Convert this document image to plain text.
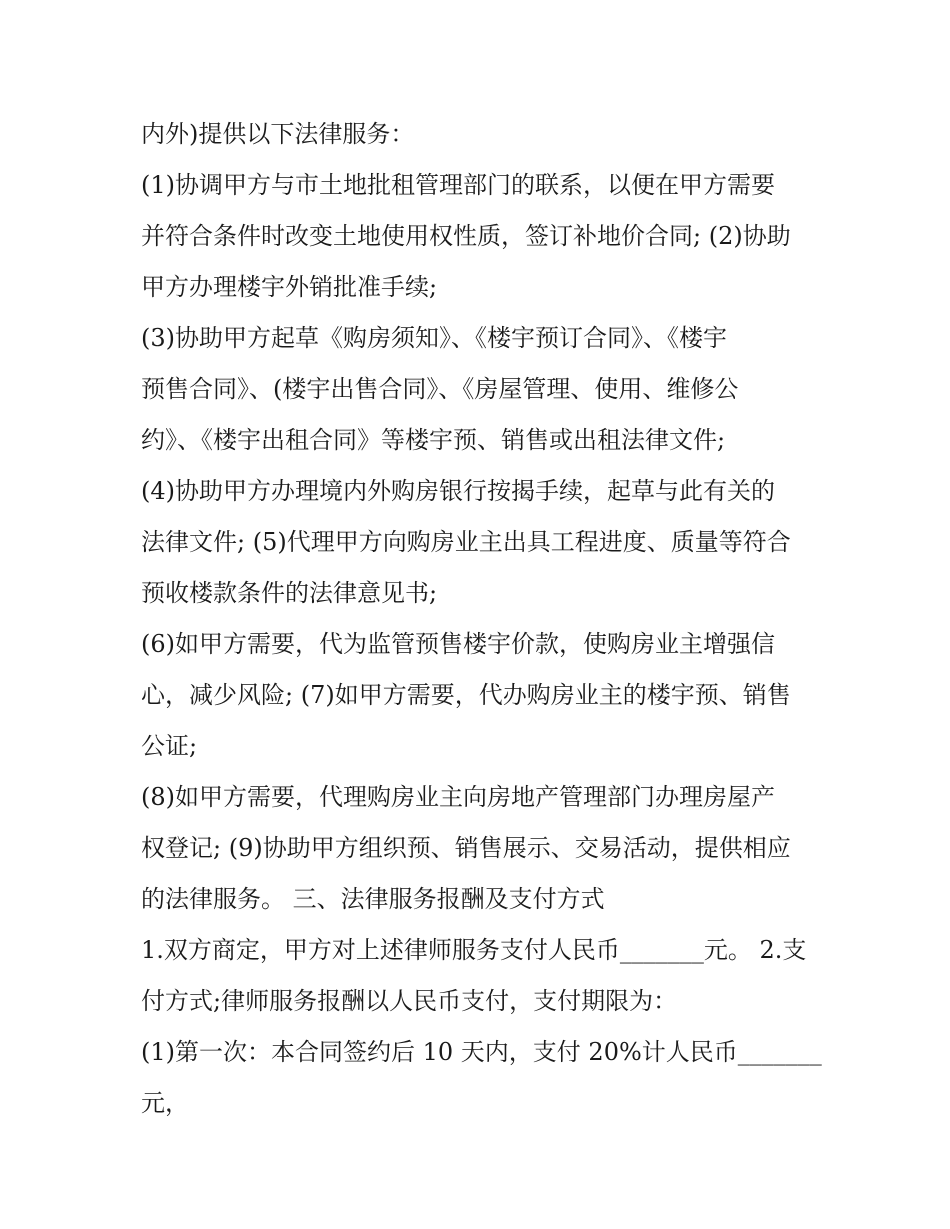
内外)提供以下法律服务：
(1)协调甲方与市土地批租管理部门的联系，以便在甲方需要
并符合条件时改变土地使用权性质，签订补地价合同; (2)协助
甲方办理楼宇外销批准手续;
(3)协助甲方起草《购房须知》、《楼宇预订合同》、《楼宇
预售合同》、(楼宇出售合同》、《房屋管理、使用、维修公
约》、《楼宇出租合同》等楼宇预、销售或出租法律文件;
(4)协助甲方办理境内外购房银行按揭手续，起草与此有关的
法律文件; (5)代理甲方向购房业主出具工程进度、质量等符合
预收楼款条件的法律意见书;
(6)如甲方需要，代为监管预售楼宇价款，使购房业主增强信
心，减少风险; (7)如甲方需要，代办购房业主的楼宇预、销售
公证;
(8)如甲方需要，代理购房业主向房地产管理部门办理房屋产
权登记; (9)协助甲方组织预、销售展示、交易活动，提供相应
的法律服务。 三、法律服务报酬及支付方式
1.双方商定，甲方对上述律师服务支付人民币_______元。 2.支
付方式;律师服务报酬以人民币支付，支付期限为：
(1)第一次：本合同签约后 10 天内，支付 20%计人民币_______
元，
